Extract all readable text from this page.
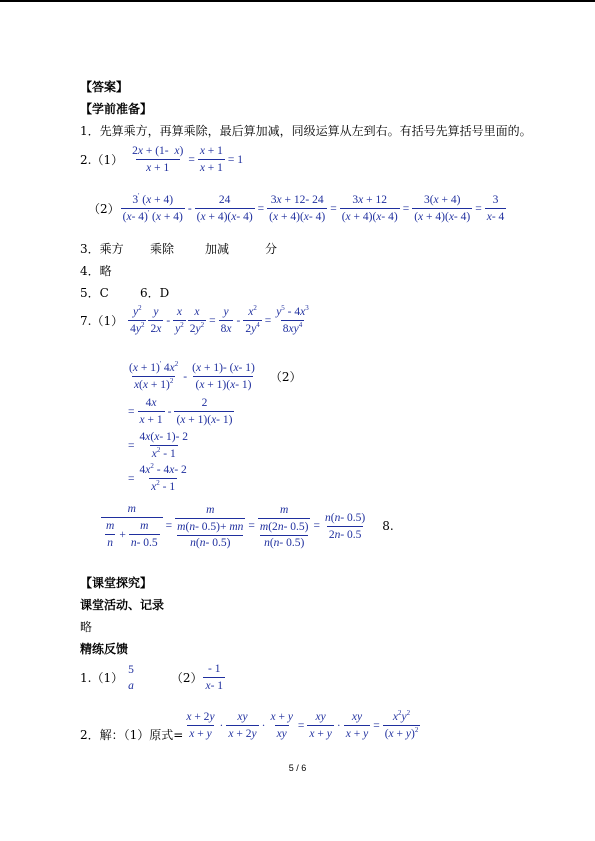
【答案】
【学前准备】
1．先算乘方，再算乘除，最后算加减，同级运算从左到右。有括号先算括号里面的。
$2.(1) \frac{2x + (1- x)}{x + 1} = \frac{x + 1}{x + 1} = 1$
$(2) \frac{3' (x + 4)}{(x- 4)' (x + 4)} - \frac{24}{(x + 4)(x- 4)} = \frac{3x + 12- 24}{(x + 4)(x- 4)} = \frac{3x + 12}{(x + 4)(x- 4)} = \frac{3(x + 4)}{(x + 4)(x- 4)} = \frac{3}{x- 4}$
3．乘方 乘除	加减	分
4．略
5．C	6．D
$7.(1) \frac{y^2}{4y^2} \frac{y}{2x} - \frac{x}{y^2} \frac{x}{2y^2} = \frac{y}{8x} - \frac{x^2}{2y^4} = \frac{y^5 - 4x^3}{8xy^4}$
$\frac{(x + 1)' 4x^2}{x(x + 1)^2} - \frac{(x + 1)- (x- 1)}{(x + 1)(x- 1)} (2)$
= $\frac{4x}{x + 1} - \frac{2}{(x + 1)(x- 1)}$
= $\frac{4x(x- 1)- 2}{x^2 - 1}$
= $\frac{4x^2 - 4x- 2}{x^2 - 1}$
$\frac{m}{\frac{m}{n} + \frac{m}{n- 0.5}} = m$
m(n- 0.5)+ mn
n(n- 0.5) = m
m(2n- 0.5)
n(n- $0.5) = \frac{n(n- 0.5)}{2n- 0.5} 8$.
【课堂探究】
课堂活动、记录
略
精练反馈
1.（1）
5
a
$(2) \frac{- 1}{x- 1}$
2．解：（1）原式= $\frac{x + 2y}{x + y} \cdot \frac{xy}{x + 2y} \cdot \frac{x + y}{xy} = \frac{xy}{x + y} \cdot \frac{xy}{x + y} = \frac{x^2y^2}{(x + y)^2}$
5 / 6
